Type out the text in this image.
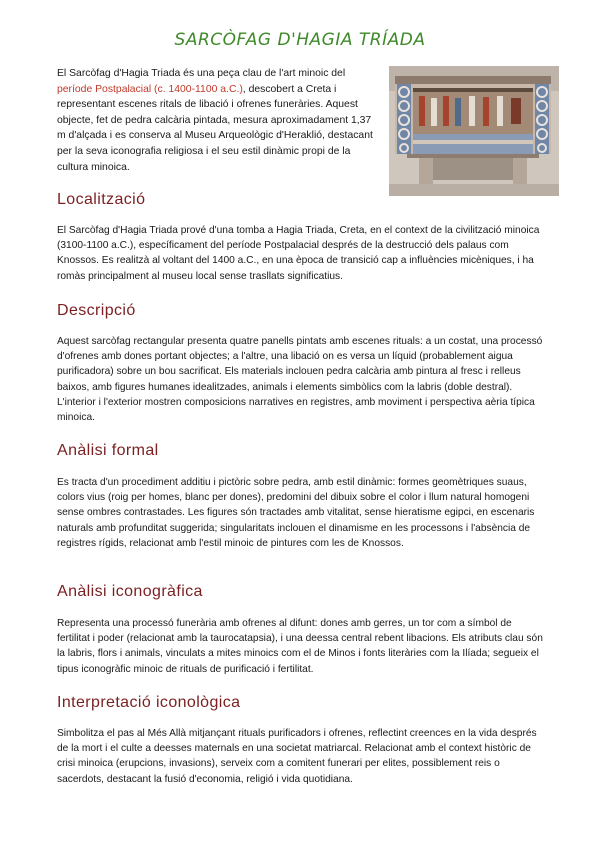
SARCÒFAG D'HAGIA TRÍADA
El Sarcòfag d'Hagia Triada és una peça clau de l'art minoic del període Postpalacial (c. 1400-1100 a.C.), descobert a Creta i representant escenes ritals de libació i ofrenes funeràries. Aquest objecte, fet de pedra calcària pintada, mesura aproximadament 1,37 m d'alçada i es conserva al Museu Arqueològic d'Heraklió, destacant per la seva iconografia religiosa i el seu estil dinàmic propi de la cultura minoica.
Localització
El Sarcòfag d'Hagia Triada prové d'una tomba a Hagia Triada, Creta, en el context de la civilització minoica (3100-1100 a.C.), específicament del període Postpalacial després de la destrucció dels palaus com Knossos. Es realitzà al voltant del 1400 a.C., en una època de transició cap a influències micèniques, i ha romàs principalment al museu local sense trasllats significatius.
Descripció
Aquest sarcòfag rectangular presenta quatre panells pintats amb escenes rituals: a un costat, una processó d'ofrenes amb dones portant objectes; a l'altre, una libació on es versa un líquid (probablement aigua purificadora) sobre un bou sacrificat. Els materials inclouen pedra calcària amb pintura al fresc i relleus baixos, amb figures humanes idealitzades, animals i elements simbòlics com la labris (doble destral). L'interior i l'exterior mostren composicions narratives en registres, amb moviment i perspectiva aèria típica minoica.
Anàlisi formal
Es tracta d'un procediment additiu i pictòric sobre pedra, amb estil dinàmic: formes geomètriques suaus, colors vius (roig per homes, blanc per dones), predomini del dibuix sobre el color i llum natural homogeni sense ombres contrastades. Les figures són tractades amb vitalitat, sense hieratisme egipci, en escenaris naturals amb profunditat suggerida; singularitats inclouen el dinamisme en les processons i l'absència de registres rígids, relacionat amb l'estil minoic de pintures com les de Knossos.
Anàlisi iconogràfica
Representa una processó funerària amb ofrenes al difunt: dones amb gerres, un tor com a símbol de fertilitat i poder (relacionat amb la taurocatapsia), i una deessa central rebent libacions. Els atributs clau són la labris, flors i animals, vinculats a mites minoics com el de Minos i fonts literàries com la Ilíada; segueix el tipus iconogràfic minoic de rituals de purificació i fertilitat.
Interpretació iconològica
Simbolitza el pas al Més Allà mitjançant rituals purificadors i ofrenes, reflectint creences en la vida després de la mort i el culte a deesses maternals en una societat matriarcal. Relacionat amb el context històric de crisi minoica (erupcions, invasions), serveix com a comitent funerari per elites, possiblement reis o sacerdots, destacant la fusió d'economia, religió i vida quotidiana.
